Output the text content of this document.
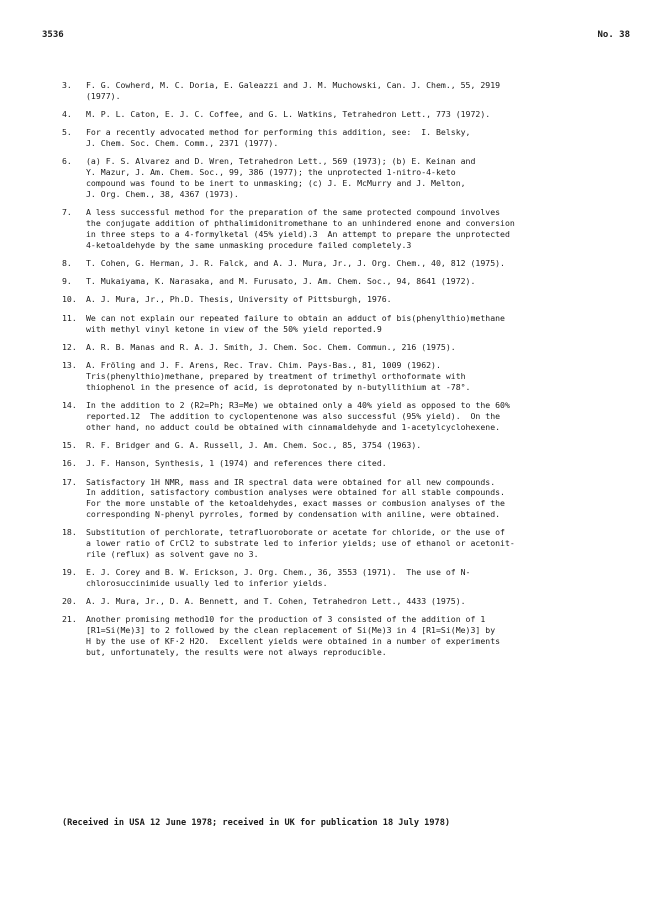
3536	No. 38
3.	F. G. Cowherd, M. C. Doria, E. Galeazzi and J. M. Muchowski, Can. J. Chem., 55, 2919
(1977).
4.	M. P. L. Caton, E. J. C. Coffee, and G. L. Watkins, Tetrahedron Lett., 773 (1972).
5.	For a recently advocated method for performing this addition, see:  I. Belsky,
J. Chem. Soc. Chem. Comm., 2371 (1977).
6.	(a) F. S. Alvarez and D. Wren, Tetrahedron Lett., 569 (1973); (b) E. Keinan and
Y. Mazur, J. Am. Chem. Soc., 99, 386 (1977); the unprotected 1-nitro-4-keto
compound was found to be inert to unmasking; (c) J. E. McMurry and J. Melton,
J. Org. Chem., 38, 4367 (1973).
7.	A less successful method for the preparation of the same protected compound involves
the conjugate addition of phthalimidonitromethane to an unhindered enone and conversion
in three steps to a 4-formylketal (45% yield).3  An attempt to prepare the unprotected
4-ketoaldehyde by the same unmasking procedure failed completely.3
8.	T. Cohen, G. Herman, J. R. Falck, and A. J. Mura, Jr., J. Org. Chem., 40, 812 (1975).
9.	T. Mukaiyama, K. Narasaka, and M. Furusato, J. Am. Chem. Soc., 94, 8641 (1972).
10.	A. J. Mura, Jr., Ph.D. Thesis, University of Pittsburgh, 1976.
11.	We can not explain our repeated failure to obtain an adduct of bis(phenylthio)methane
with methyl vinyl ketone in view of the 50% yield reported.9
12.	A. R. B. Manas and R. A. J. Smith, J. Chem. Soc. Chem. Commun., 216 (1975).
13.	A. Fröling and J. F. Arens, Rec. Trav. Chim. Pays-Bas., 81, 1009 (1962).
Tris(phenylthio)methane, prepared by treatment of trimethyl orthoformate with
thiophenol in the presence of acid, is deprotonated by n-butyllithium at -78°.
14.	In the addition to 2 (R2=Ph; R3=Me) we obtained only a 40% yield as opposed to the 60%
reported.12  The addition to cyclopentenone was also successful (95% yield).  On the
other hand, no adduct could be obtained with cinnamaldehyde and 1-acetylcyclohexene.
15.	R. F. Bridger and G. A. Russell, J. Am. Chem. Soc., 85, 3754 (1963).
16.	J. F. Hanson, Synthesis, 1 (1974) and references there cited.
17.	Satisfactory 1H NMR, mass and IR spectral data were obtained for all new compounds.
In addition, satisfactory combustion analyses were obtained for all stable compounds.
For the more unstable of the ketoaldehydes, exact masses or combusion analyses of the
corresponding N-phenyl pyrroles, formed by condensation with aniline, were obtained.
18.	Substitution of perchlorate, tetrafluoroborate or acetate for chloride, or the use of
a lower ratio of CrCl2 to substrate led to inferior yields; use of ethanol or acetonit-
rile (reflux) as solvent gave no 3.
19.	E. J. Corey and B. W. Erickson, J. Org. Chem., 36, 3553 (1971).  The use of N-
chlorosuccinimide usually led to inferior yields.
20.	A. J. Mura, Jr., D. A. Bennett, and T. Cohen, Tetrahedron Lett., 4433 (1975).
21.	Another promising method10 for the production of 3 consisted of the addition of 1
[R1=Si(Me)3] to 2 followed by the clean replacement of Si(Me)3 in 4 [R1=Si(Me)3] by
H by the use of KF·2 H2O.  Excellent yields were obtained in a number of experiments
but, unfortunately, the results were not always reproducible.
(Received in USA 12 June 1978; received in UK for publication 18 July 1978)
